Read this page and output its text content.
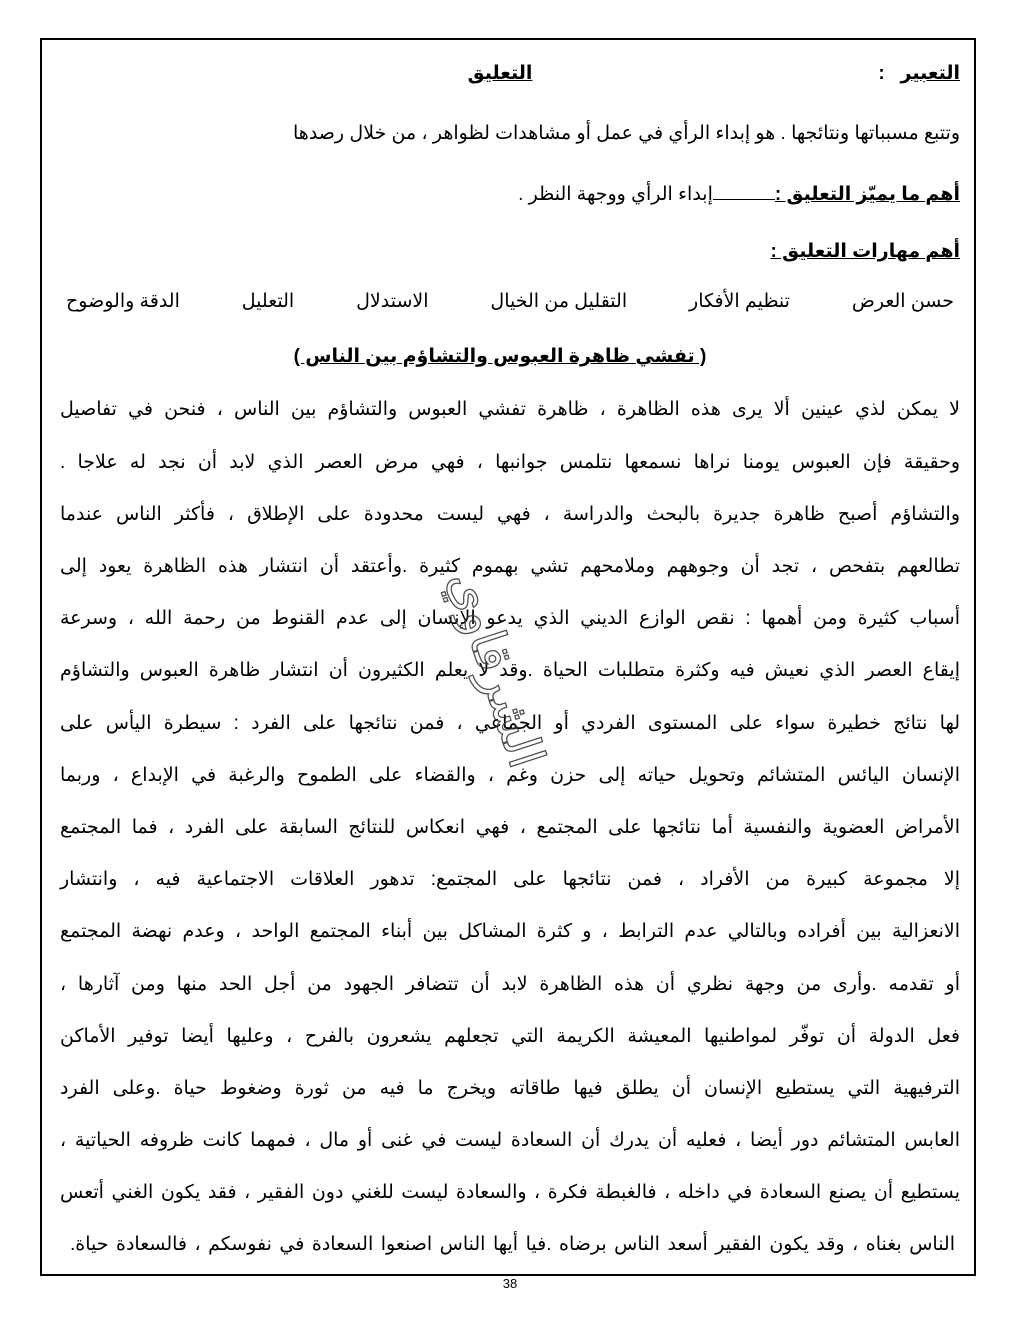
التعبير   :
التعليق
وتتبع مسبباتها ونتائجها . هو إبداء الرأي في عمل أو مشاهدات لظواهر ، من خلال رصدها
أهم ما يميّز التعليق :إبداء الرأي ووجهة النظر .
أهم مهارات التعليق :
حسن العرض
تنظيم الأفكار
التقليل من الخيال
الاستدلال
التعليل
الدقة والوضوح
( تفشي ظاهرة العبوس والتشاؤم بين الناس )
لا يمكن لذي عينين ألا يرى هذه الظاهرة ، ظاهرة تفشي العبوس والتشاؤم بين الناس ، فنحن في تفاصيل
وحقيقة فإن العبوس يومنا نراها نسمعها نتلمس جوانبها ، فهي مرض العصر الذي لابد أن نجد له علاجا .
والتشاؤم أصبح ظاهرة جديرة بالبحث والدراسة ، فهي ليست محدودة على الإطلاق ، فأكثر الناس عندما
تطالعهم بتفحص ، تجد أن وجوههم وملامحهم تشي بهموم كثيرة .وأعتقد أن انتشار هذه الظاهرة يعود إلى
أسباب كثيرة ومن أهمها : نقص الوازع الديني الذي يدعو الإنسان إلى عدم القنوط من رحمة الله ، وسرعة
إيقاع العصر الذي نعيش فيه وكثرة متطلبات الحياة .وقد لا يعلم الكثيرون أن انتشار ظاهرة العبوس والتشاؤم
لها نتائج خطيرة سواء على المستوى الفردي أو الجماعي ، فمن نتائجها على الفرد : سيطرة اليأس على
الإنسان اليائس المتشائم وتحويل حياته إلى حزن وغم ، والقضاء على الطموح والرغبة في الإبداع ، وربما
الأمراض العضوية والنفسية أما نتائجها على المجتمع ، فهي انعكاس للنتائج السابقة على الفرد ، فما المجتمع
إلا مجموعة كبيرة من الأفراد ، فمن نتائجها على المجتمع: تدهور العلاقات الاجتماعية فيه ، وانتشار
الانعزالية بين أفراده وبالتالي عدم الترابط ، و كثرة المشاكل بين أبناء المجتمع الواحد ، وعدم نهضة المجتمع
أو تقدمه .وأرى من وجهة نظري أن هذه الظاهرة لابد أن تتضافر الجهود من أجل الحد منها ومن آثارها ،
فعل الدولة أن توفّر لمواطنيها المعيشة الكريمة التي تجعلهم يشعرون بالفرح ، وعليها أيضا توفير الأماكن
الترفيهية التي يستطيع الإنسان أن يطلق فيها طاقاته ويخرج ما فيه من ثورة وضغوط حياة .وعلى الفرد
العابس المتشائم دور أيضا ، فعليه أن يدرك أن السعادة ليست في غنى أو مال ، فمهما كانت ظروفه الحياتية ،
يستطيع أن يصنع السعادة في داخله ، فالغبطة فكرة ، والسعادة ليست للغني دون الفقير ، فقد يكون الغني أتعس
الناس بغناه ، وقد يكون الفقير أسعد الناس برضاه .فيا أيها الناس اصنعوا السعادة في نفوسكم ، فالسعادة حياة.
الشرقاوي
38
